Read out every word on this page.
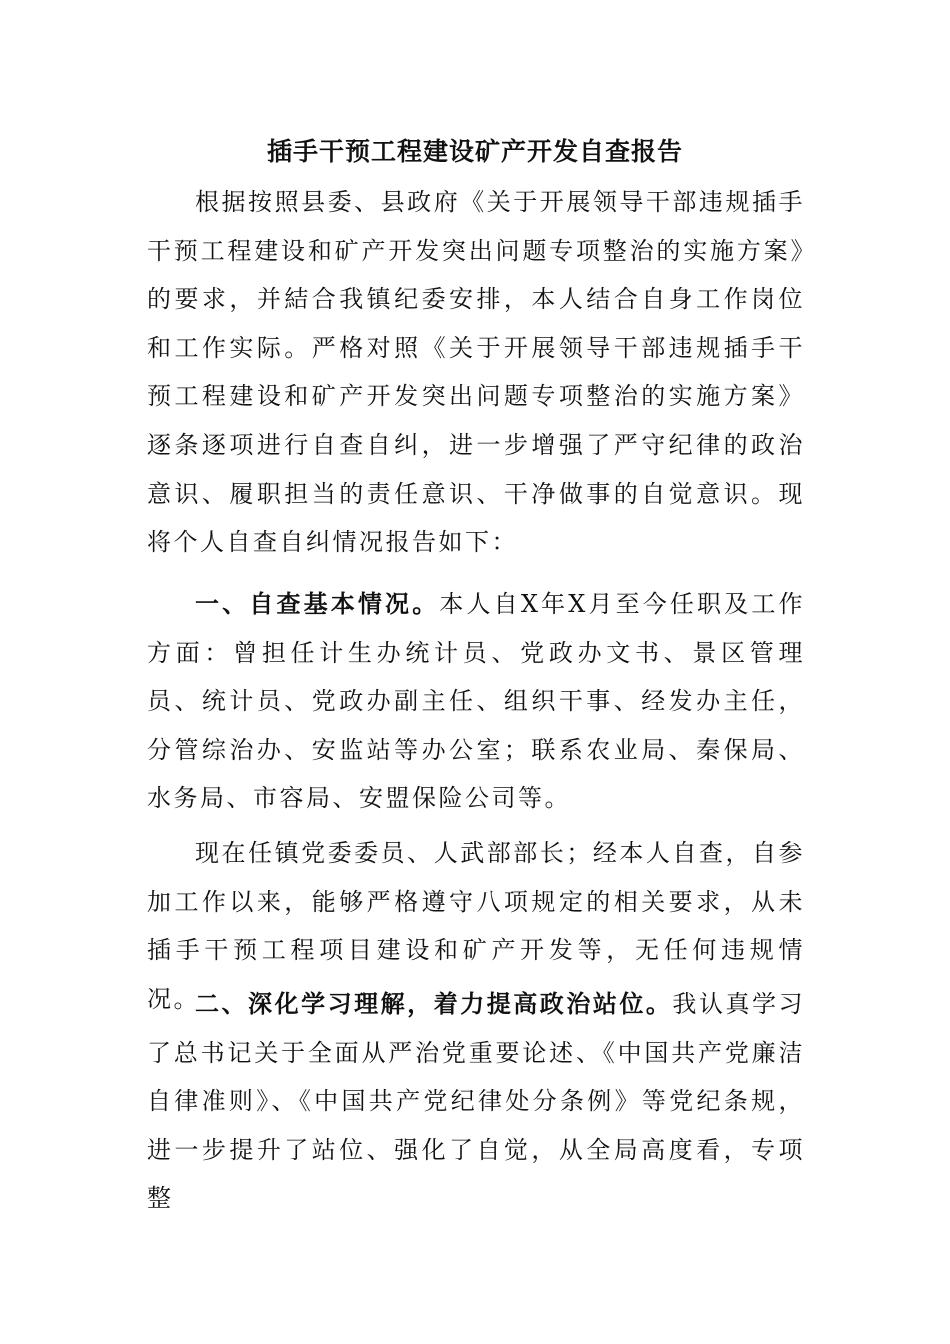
插手干预工程建设矿产开发自查报告

根据按照县委、县政府《关于开展领导干部违规插手干预工程建设和矿产开发突出问题专项整治的实施方案》的要求，并結合我镇纪委安排，本人结合自身工作岗位和工作实际。严格对照《关于开展领导干部违规插手干预工程建设和矿产开发突出问题专项整治的实施方案》逐条逐项进行自查自纠，进一步增强了严守纪律的政治意识、履职担当的责任意识、干净做事的自觉意识。现将个人自查自纠情况报告如下：

一、自查基本情况。本人自X年X月至今任职及工作方面：曾担任计生办统计员、党政办文书、景区管理员、统计员、党政办副主任、组织干事、经发办主任，分管综治办、安监站等办公室；联系农业局、秦保局、水务局、市容局、安盟保险公司等。

现在任镇党委委员、人武部部长；经本人自查，自参加工作以来，能够严格遵守八项规定的相关要求，从未插手干预工程项目建设和矿产开发等，无任何违规情况。

二、深化学习理解，着力提高政治站位。我认真学习了总书记关于全面从严治党重要论述、《中国共产党廉洁自律准则》、《中国共产党纪律处分条例》等党纪条规，进一步提升了站位、强化了自觉，从全局高度看，专项整
